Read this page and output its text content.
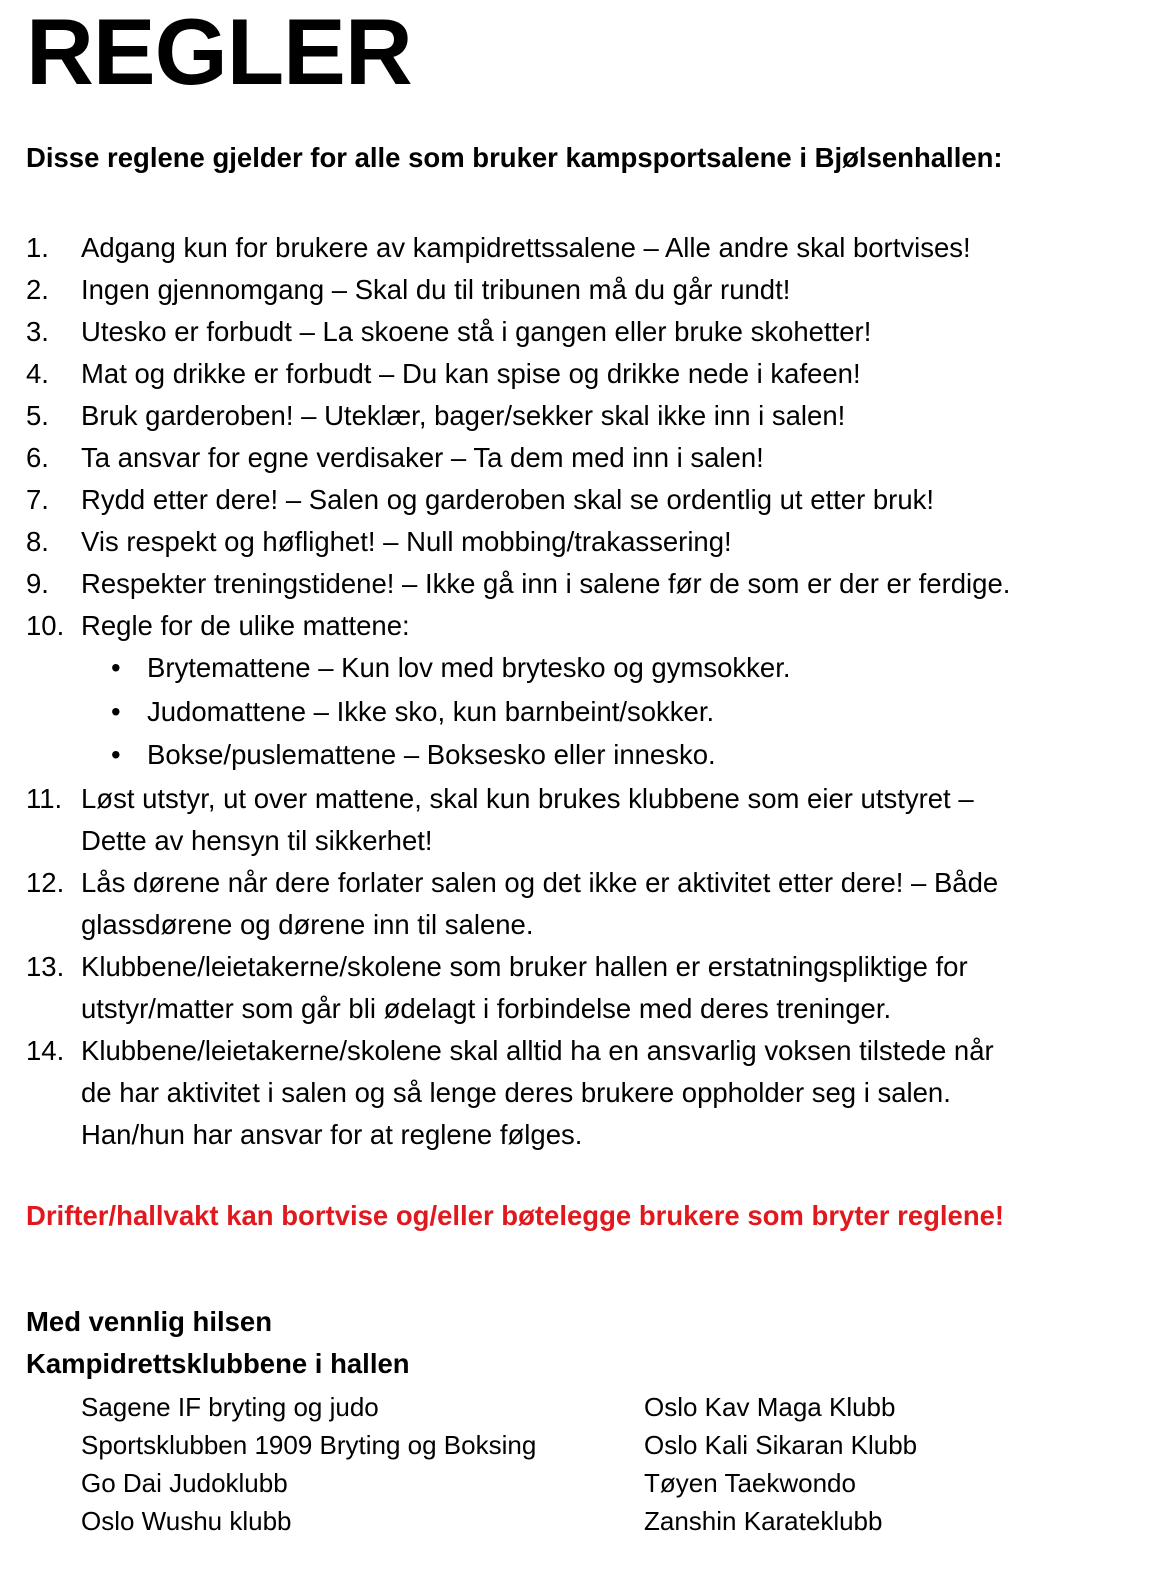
REGLER
Disse reglene gjelder for alle som bruker kampsportsalene i Bjølsenhallen:
1. Adgang kun for brukere av kampidrettssalene – Alle andre skal bortvises!
2. Ingen gjennomgang – Skal du til tribunen må du går rundt!
3. Utesko er forbudt – La skoene stå i gangen eller bruke skohetter!
4. Mat og drikke er forbudt – Du kan spise og drikke nede i kafeen!
5. Bruk garderoben! – Uteklær, bager/sekker skal ikke inn i salen!
6. Ta ansvar for egne verdisaker – Ta dem med inn i salen!
7. Rydd etter dere! – Salen og garderoben skal se ordentlig ut etter bruk!
8. Vis respekt og høflighet! – Null mobbing/trakassering!
9. Respekter treningstidene! – Ikke gå inn i salene før de som er der er ferdige.
10. Regle for de ulike mattene:
• Brytemattene – Kun lov med brytesko og gymsokker.
• Judomattene – Ikke sko, kun barnbeint/sokker.
• Bokse/puslemattene – Boksesko eller innesko.
11. Løst utstyr, ut over mattene, skal kun brukes klubbene som eier utstyret –
Dette av hensyn til sikkerhet!
12. Lås dørene når dere forlater salen og det ikke er aktivitet etter dere! – Både
glassdørene og dørene inn til salene.
13. Klubbene/leietakerne/skolene som bruker hallen er erstatningspliktige for
utstyr/matter som går bli ødelagt i forbindelse med deres treninger.
14. Klubbene/leietakerne/skolene skal alltid ha en ansvarlig voksen tilstede når
de har aktivitet i salen og så lenge deres brukere oppholder seg i salen.
Han/hun har ansvar for at reglene følges.
Drifter/hallvakt kan bortvise og/eller bøtelegge brukere som bryter reglene!
Med vennlig hilsen
Kampidrettsklubbene i hallen
Sagene IF bryting og judo
Sportsklubben 1909 Bryting og Boksing
Go Dai Judoklubb
Oslo Wushu klubb
Oslo Kav Maga Klubb
Oslo Kali Sikaran Klubb
Tøyen Taekwondo
Zanshin Karateklubb
